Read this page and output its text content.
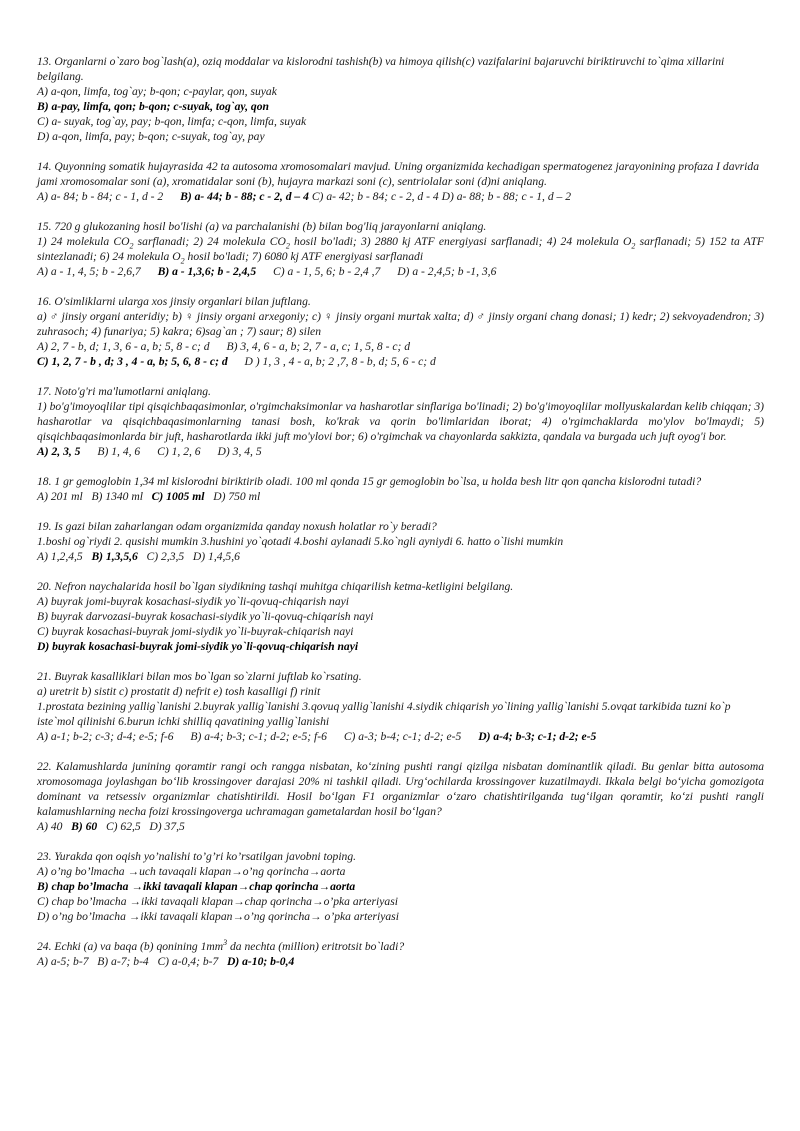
13. Organlarni o`zaro bog`lash(a), oziq moddalar va kislorodni tashish(b) va himoya qilish(c) vazifalarini bajaruvchi biriktiruvchi to`qima xillarini belgilang.
A) a-qon, limfa, tog`ay; b-qon; c-paylar, qon, suyak
B) a-pay, limfa, qon; b-qon; c-suyak, tog`ay, qon
C) a- suyak, tog`ay, pay; b-qon, limfa; c-qon, limfa, suyak
D) a-qon, limfa, pay; b-qon; c-suyak, tog`ay, pay
14. Quyonning somatik hujayrasida 42 ta autosoma xromosomalari mavjud. Uning organizmida kechadigan spermatogenez jarayonining profaza I davrida jami xromosomalar soni (a), xromatidalar soni (b), hujayra markazi soni (c), sentriolalar soni (d)ni aniqlang.
A) a- 84; b - 84; c - 1, d - 2 B) a- 44; b - 88; c - 2, d – 4 C) a- 42; b - 84; c - 2, d - 4 D) a- 88; b - 88; c - 1, d – 2
15. 720 g glukozaning hosil bo'lishi (a) va parchalanishi (b) bilan bog'liq jarayonlarni aniqlang.
1) 24 molekula $CO_2$ sarflanadi; 2) 24 molekula $CO_2$ hosil bo'ladi; 3) 2880 kj ATF energiyasi sarflanadi; 4) 24 molekula $O_2$ sarflanadi; 5) 152 ta ATF sintezlanadi; 6) 24 molekula $O_2$ hosil bo'ladi; 7) 6080 kj ATF energiyasi sarflanadi
A) a - 1, 4, 5; b - 2,6,7 B) a - 1,3,6; b - 2,4,5 C) a - 1, 5, 6; b - 2,4 ,7 D) a - 2,4,5; b -1, 3,6
16. O'simliklarni ularga xos jinsiy organlari bilan juftlang.
a) ♂ jinsiy organi anteridiy; b) ♀ jinsiy organi arxegoniy; c) ♀ jinsiy organi murtak xalta; d) ♂ jinsiy organi chang donasi; 1) kedr; 2) sekvoyadendron; 3) zuhrasoch; 4) funariya; 5) kakra; 6)sag`an ; 7) saur; 8) silen
A) 2, 7 - b, d; 1, 3, 6 - a, b; 5, 8 - c; d B) 3, 4, 6 - a, b; 2, 7 - a, c; 1, 5, 8 - c; d
C) 1, 2, 7 - b , d; 3 , 4 - a, b; 5, 6, 8 - c; d D ) 1, 3 , 4 - a, b; 2 ,7, 8 - b, d; 5, 6 - c; d
17. Noto'g'ri ma'lumotlarni aniqlang.
1) bo'g'imoyoqlilar tipi qisqichbaqasimonlar, o'rgimchaksimonlar va hasharotlar sinflariga bo'linadi; 2) bo'g'imoyoqlilar mollyuskalardan kelib chiqqan; 3) hasharotlar va qisqichbaqasimonlarning tanasi bosh, ko'krak va qorin bo'limlaridan iborat; 4) o'rgimchaklarda mo'ylov bo'lmaydi; 5) qisqichbaqasimonlarda bir juft, hasharotlarda ikki juft mo'ylovi bor; 6) o'rgimchak va chayonlarda sakkizta, qandala va burgada uch juft oyog'i bor.
A) 2, 3, 5 B) 1, 4, 6 C) 1, 2, 6 D) 3, 4, 5
18. 1 gr gemoglobin 1,34 ml kislorodni biriktirib oladi. 100 ml qonda 15 gr gemoglobin bo`lsa, u holda besh litr qon qancha kislorodni tutadi?
A) 201 ml B) 1340 ml C) 1005 ml D) 750 ml
19. Is gazi bilan zaharlangan odam organizmida qanday noxush holatlar ro`y beradi?
1.boshi og`riydi 2. qusishi mumkin 3.hushini yo`qotadi 4.boshi aylanadi 5.ko`ngli ayniydi 6. hatto o`lishi mumkin
A) 1,2,4,5 B) 1,3,5,6 C) 2,3,5 D) 1,4,5,6
20. Nefron naychalarida hosil bo`lgan siydikning tashqi muhitga chiqarilish ketma-ketligini belgilang.
A) buyrak jomi-buyrak kosachasi-siydik yo`li-qovuq-chiqarish nayi
B) buyrak darvozasi-buyrak kosachasi-siydik yo`li-qovuq-chiqarish nayi
C) buyrak kosachasi-buyrak jomi-siydik yo`li-buyrak-chiqarish nayi
D) buyrak kosachasi-buyrak jomi-siydik yo`li-qovuq-chiqarish nayi
21. Buyrak kasalliklari bilan mos bo`lgan so`zlarni juftlab ko`rsating.
a) uretrit b) sistit c) prostatit d) nefrit e) tosh kasalligi f) rinit
1.prostata bezining yallig`lanishi 2.buyrak yallig`lanishi 3.qovuq yallig`lanishi 4.siydik chiqarish yo`lining yallig`lanishi 5.ovqat tarkibida tuzni ko`p iste`mol qilinishi 6.burun ichki shilliq qavatining yallig`lanishi
A) a-1; b-2; c-3; d-4; e-5; f-6 B) a-4; b-3; c-1; d-2; e-5; f-6 C) a-3; b-4; c-1; d-2; e-5 D) a-4; b-3; c-1; d-2; e-5
22. Kalamushlarda junining qoramtir rangi och rangga nisbatan, ko‘zining pushti rangi qizilga nisbatan dominantlik qiladi. Bu genlar bitta autosoma xromosomaga joylashgan bo‘lib krossingover darajasi 20% ni tashkil qiladi. Urg‘ochilarda krossingover kuzatilmaydi. Ikkala belgi bo‘yicha gomozigota dominant va retsessiv organizmlar chatishtirildi. Hosil bo‘lgan F1 organizmlar o‘zaro chatishtirilganda tug‘ilgan qoramtir, ko‘zi pushti rangli kalamushlarning necha foizi krossingoverga uchramagan gametalardan hosil bo‘lgan?
A) 40 B) 60 C) 62,5 D) 37,5
23. Yurakda qon oqish yo’nalishi to’g’ri ko’rsatilgan javobni toping.
A) o’ng bo’lmacha →uch tavaqali klapan→o’ng qorincha→aorta
B) chap bo’lmacha →ikki tavaqali klapan→chap qorincha→aorta
C) chap bo’lmacha →ikki tavaqali klapan→chap qorincha→o’pka arteriyasi
D) o’ng bo’lmacha →ikki tavaqali klapan→o’ng qorincha→ o’pka arteriyasi
24. Echki (a) va baqa (b) qonining $1mm^3$ da nechta (million) eritrotsit bo`ladi?
A) a-5; b-7 B) a-7; b-4 C) a-0,4; b-7 D) a-10; b-0,4
